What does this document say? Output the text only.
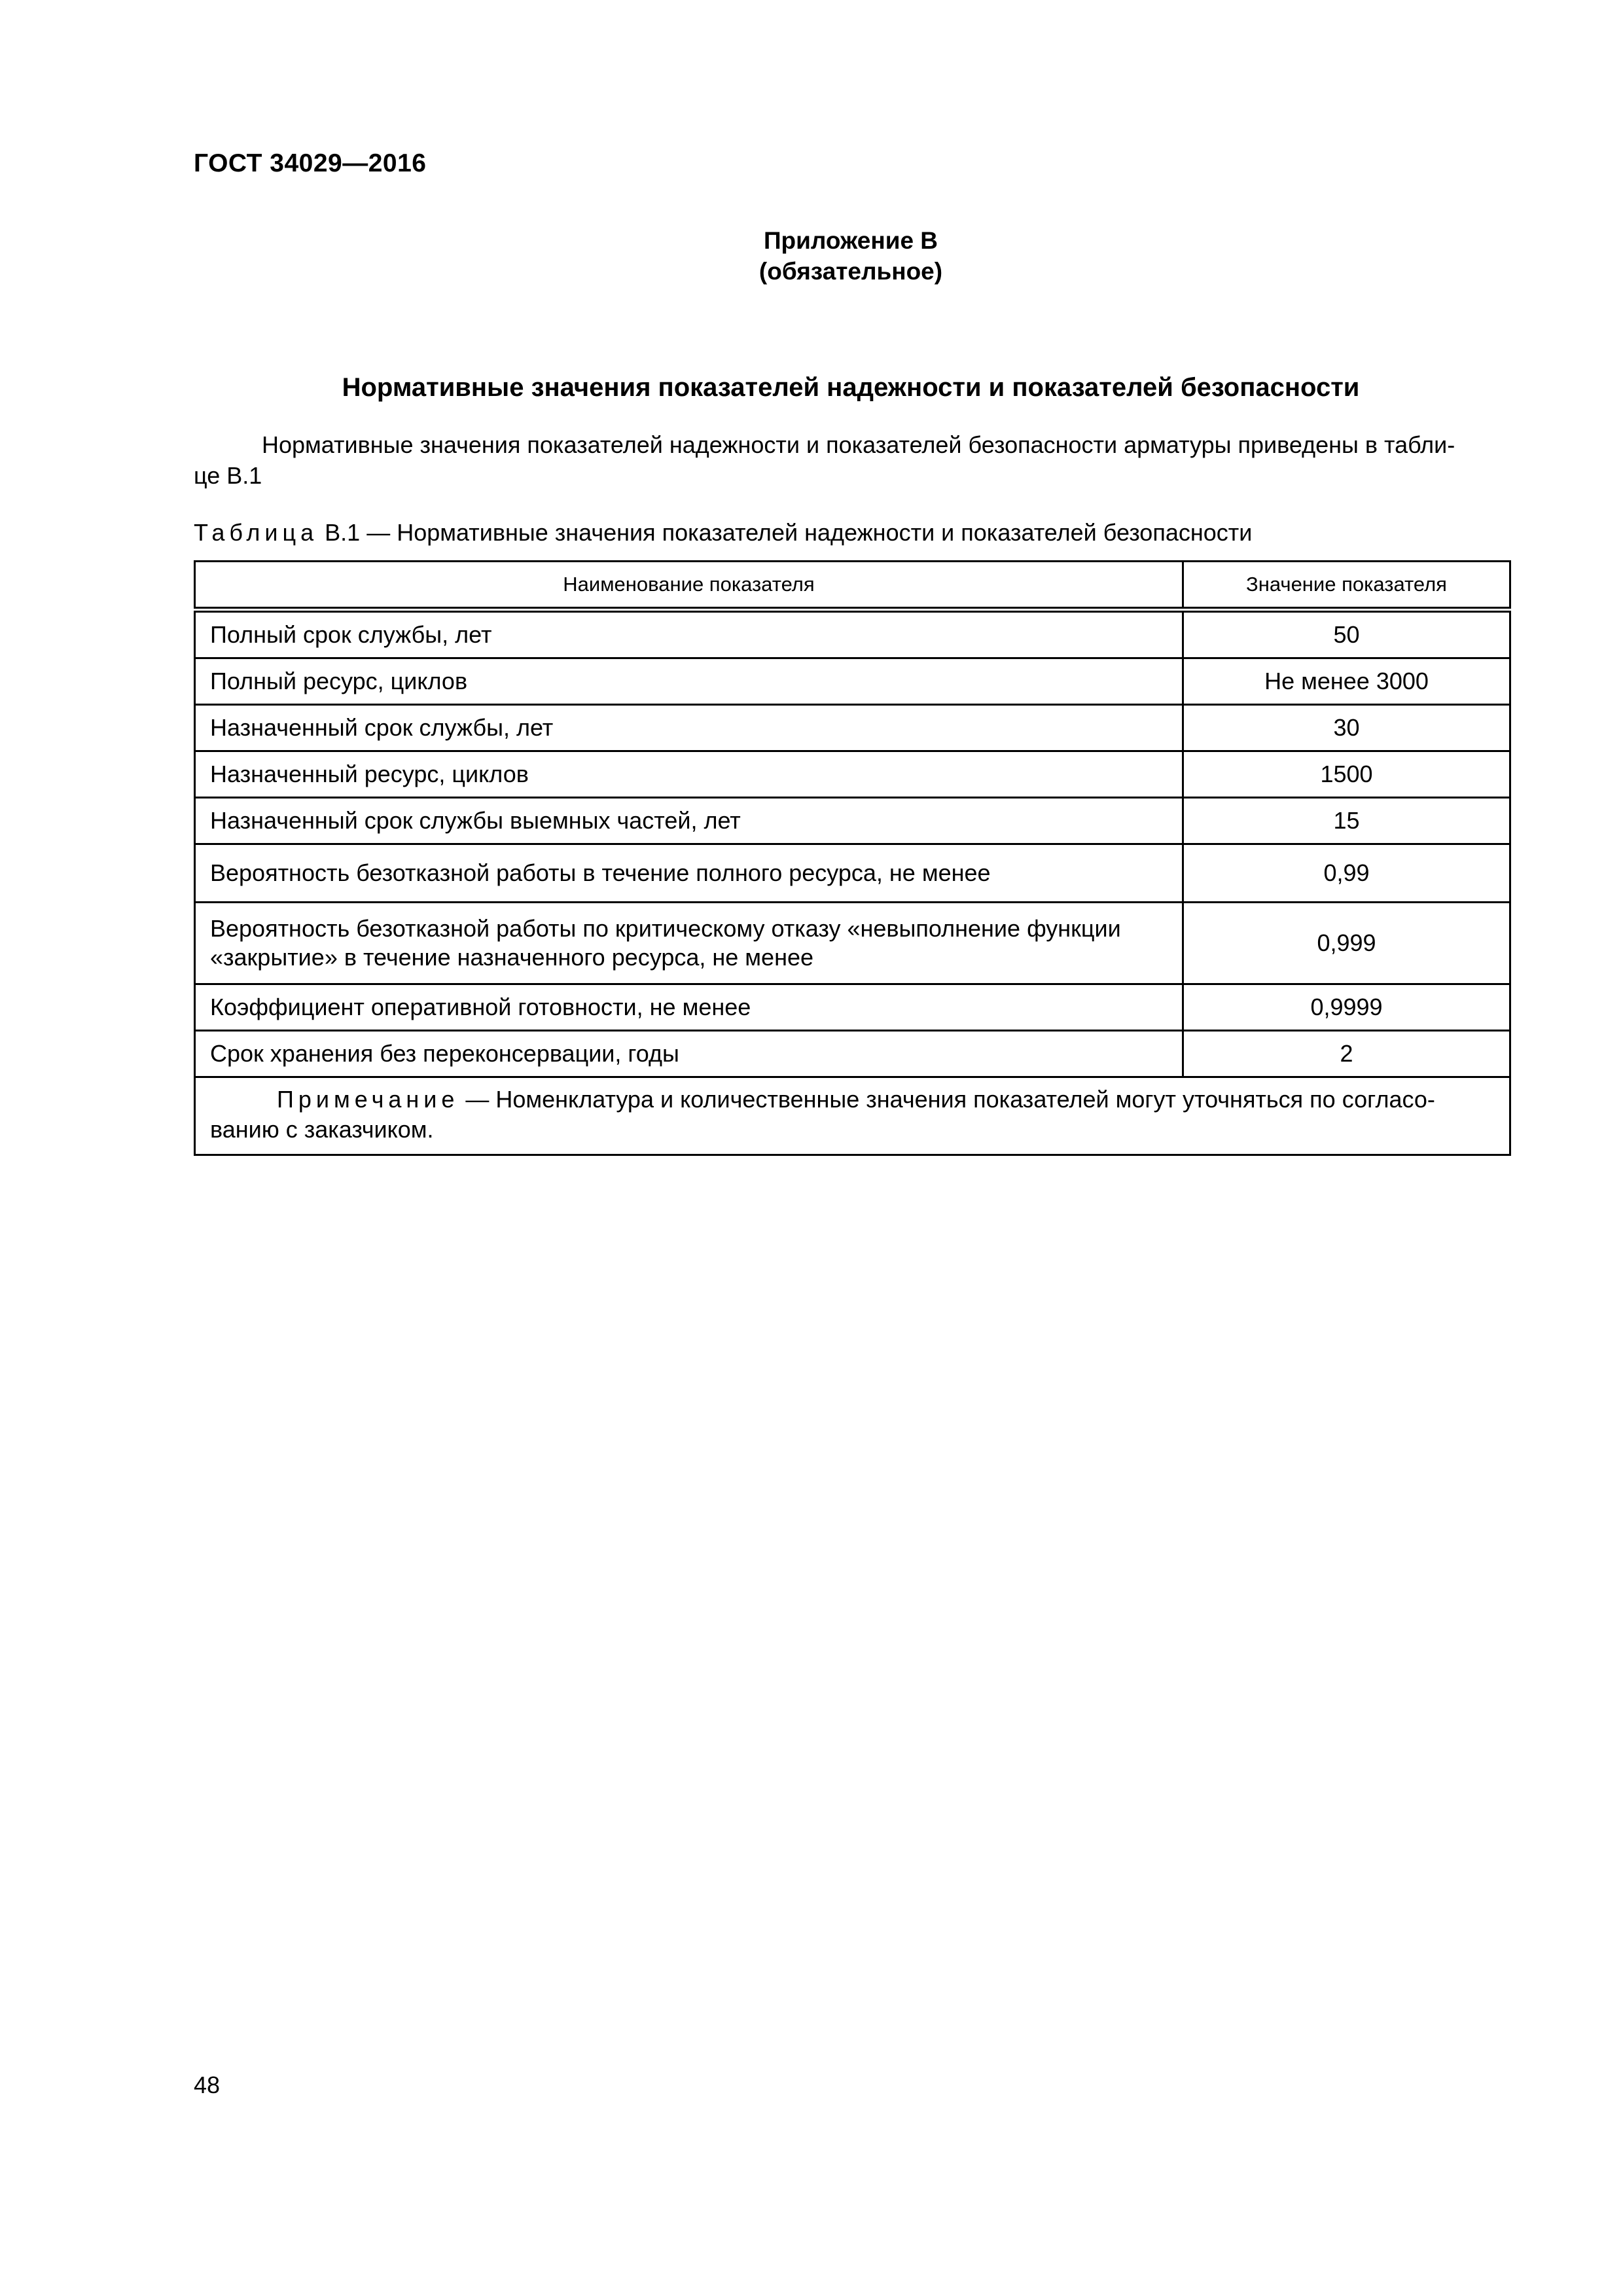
ГОСТ 34029—2016
Приложение В
(обязательное)
Нормативные значения показателей надежности и показателей безопасности
Нормативные значения показателей надежности и показателей безопасности арматуры приведены в табли-
це В.1
Таблица В.1 — Нормативные значения показателей надежности и показателей безопасности
Наименование показателя	Значение показателя
Полный срок службы, лет	50
Полный ресурс, циклов	Не менее 3000
Назначенный срок службы, лет	30
Назначенный ресурс, циклов	1500
Назначенный срок службы выемных частей, лет	15
Вероятность безотказной работы в течение полного ресурса, не менее	0,99

Вероятность безотказной работы по критическому отказу «невыполнение функции
«закрытие» в течение назначенного ресурса, не менее	0,999
Коэффициент оперативной готовности, не менее	0,9999
Срок хранения без переконсервации, годы	2

Примечание — Номенклатура и количественные значения показателей могут уточняться по согласо-
ванию с заказчиком.	
48
